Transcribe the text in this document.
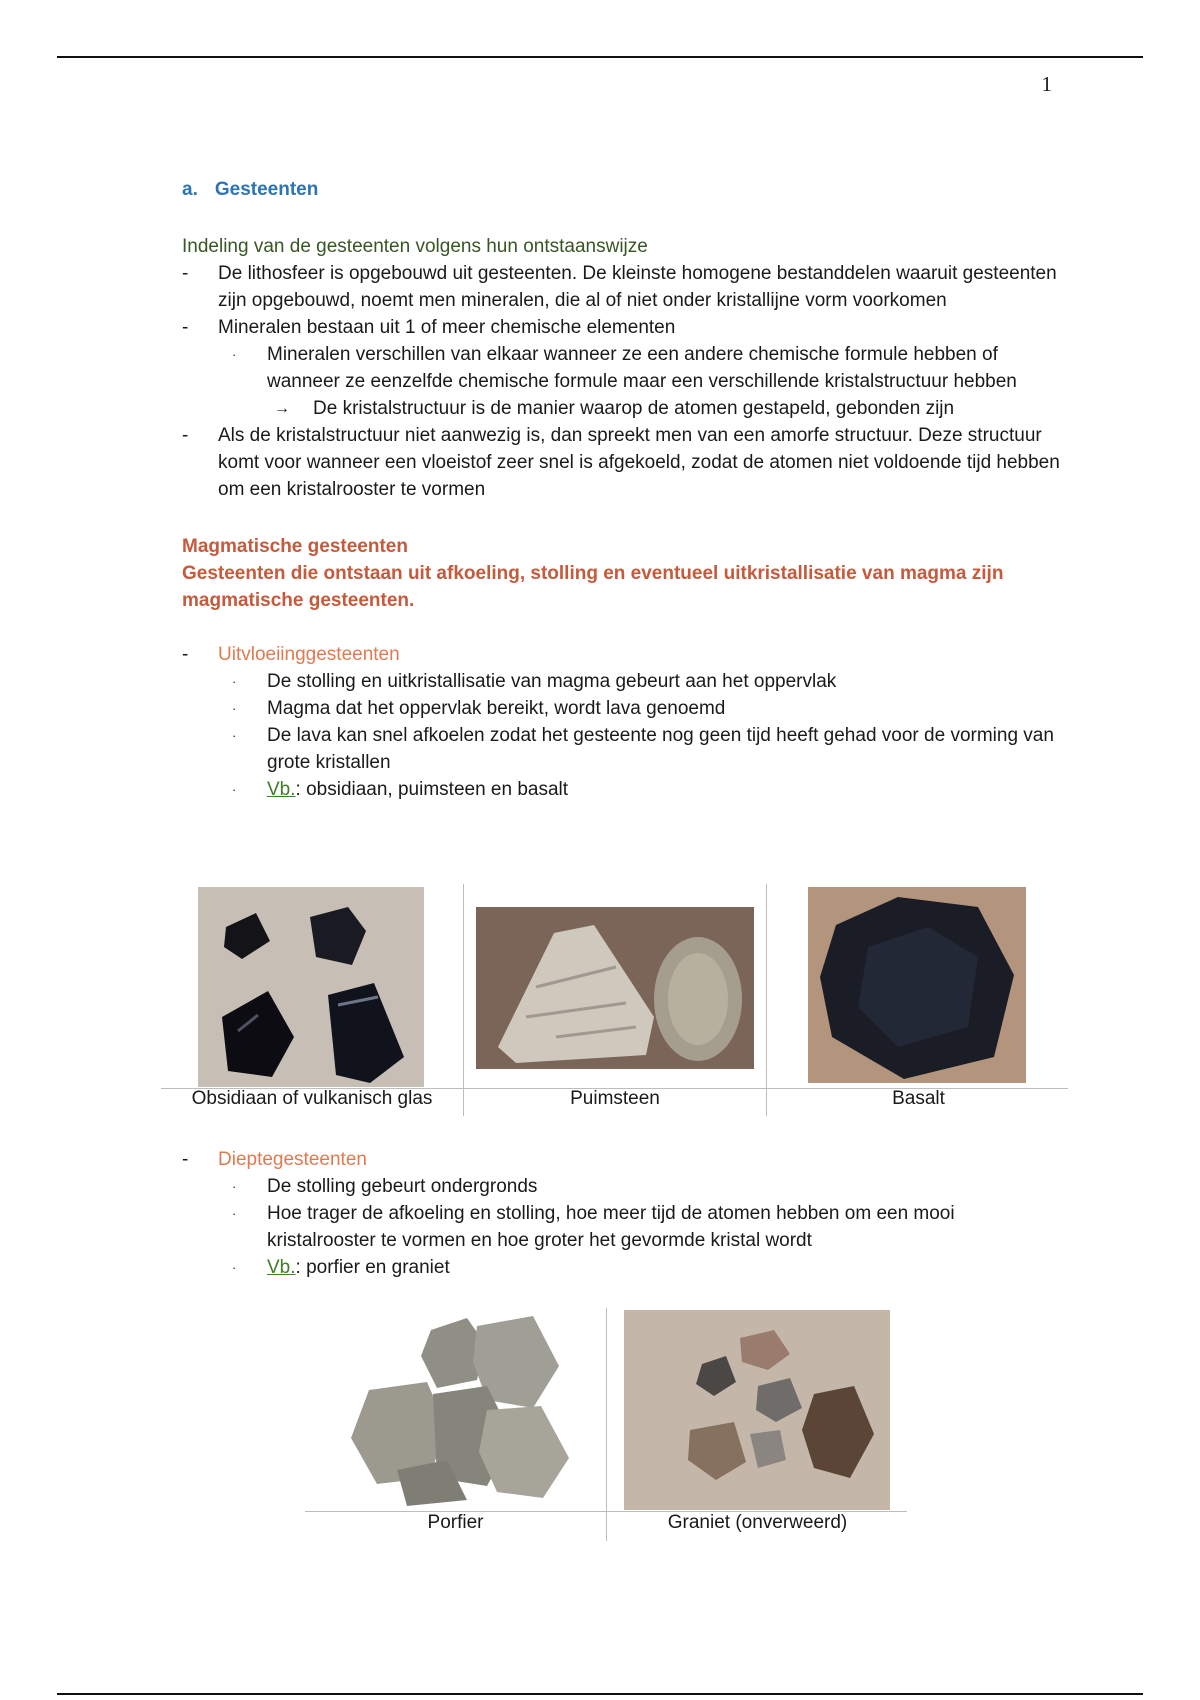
1
a. Gesteenten
Indeling van de gesteenten volgens hun ontstaanswijze
- De lithosfeer is opgebouwd uit gesteenten. De kleinste homogene bestanddelen waaruit gesteenten zijn opgebouwd, noemt men mineralen, die al of niet onder kristallijne vorm voorkomen
- Mineralen bestaan uit 1 of meer chemische elementen
· Mineralen verschillen van elkaar wanneer ze een andere chemische formule hebben of wanneer ze eenzelfde chemische formule maar een verschillende kristalstructuur hebben
→ De kristalstructuur is de manier waarop de atomen gestapeld, gebonden zijn
- Als de kristalstructuur niet aanwezig is, dan spreekt men van een amorfe structuur. Deze structuur komt voor wanneer een vloeistof zeer snel is afgekoeld, zodat de atomen niet voldoende tijd hebben om een kristalrooster te vormen
Magmatische gesteenten
Gesteenten die ontstaan uit afkoeling, stolling en eventueel uitkristallisatie van magma zijn magmatische gesteenten.
- Uitvloeiinggesteenten
· De stolling en uitkristallisatie van magma gebeurt aan het oppervlak
· Magma dat het oppervlak bereikt, wordt lava genoemd
· De lava kan snel afkoelen zodat het gesteente nog geen tijd heeft gehad voor de vorming van grote kristallen
· Vb.: obsidiaan, puimsteen en basalt
Obsidiaan of vulkanisch glas	Puimsteen	Basalt
- Dieptegesteenten
· De stolling gebeurt ondergronds
· Hoe trager de afkoeling en stolling, hoe meer tijd de atomen hebben om een mooi kristalrooster te vormen en hoe groter het gevormde kristal wordt
· Vb.: porfier en graniet
Porfier	Graniet (onverweerd)
